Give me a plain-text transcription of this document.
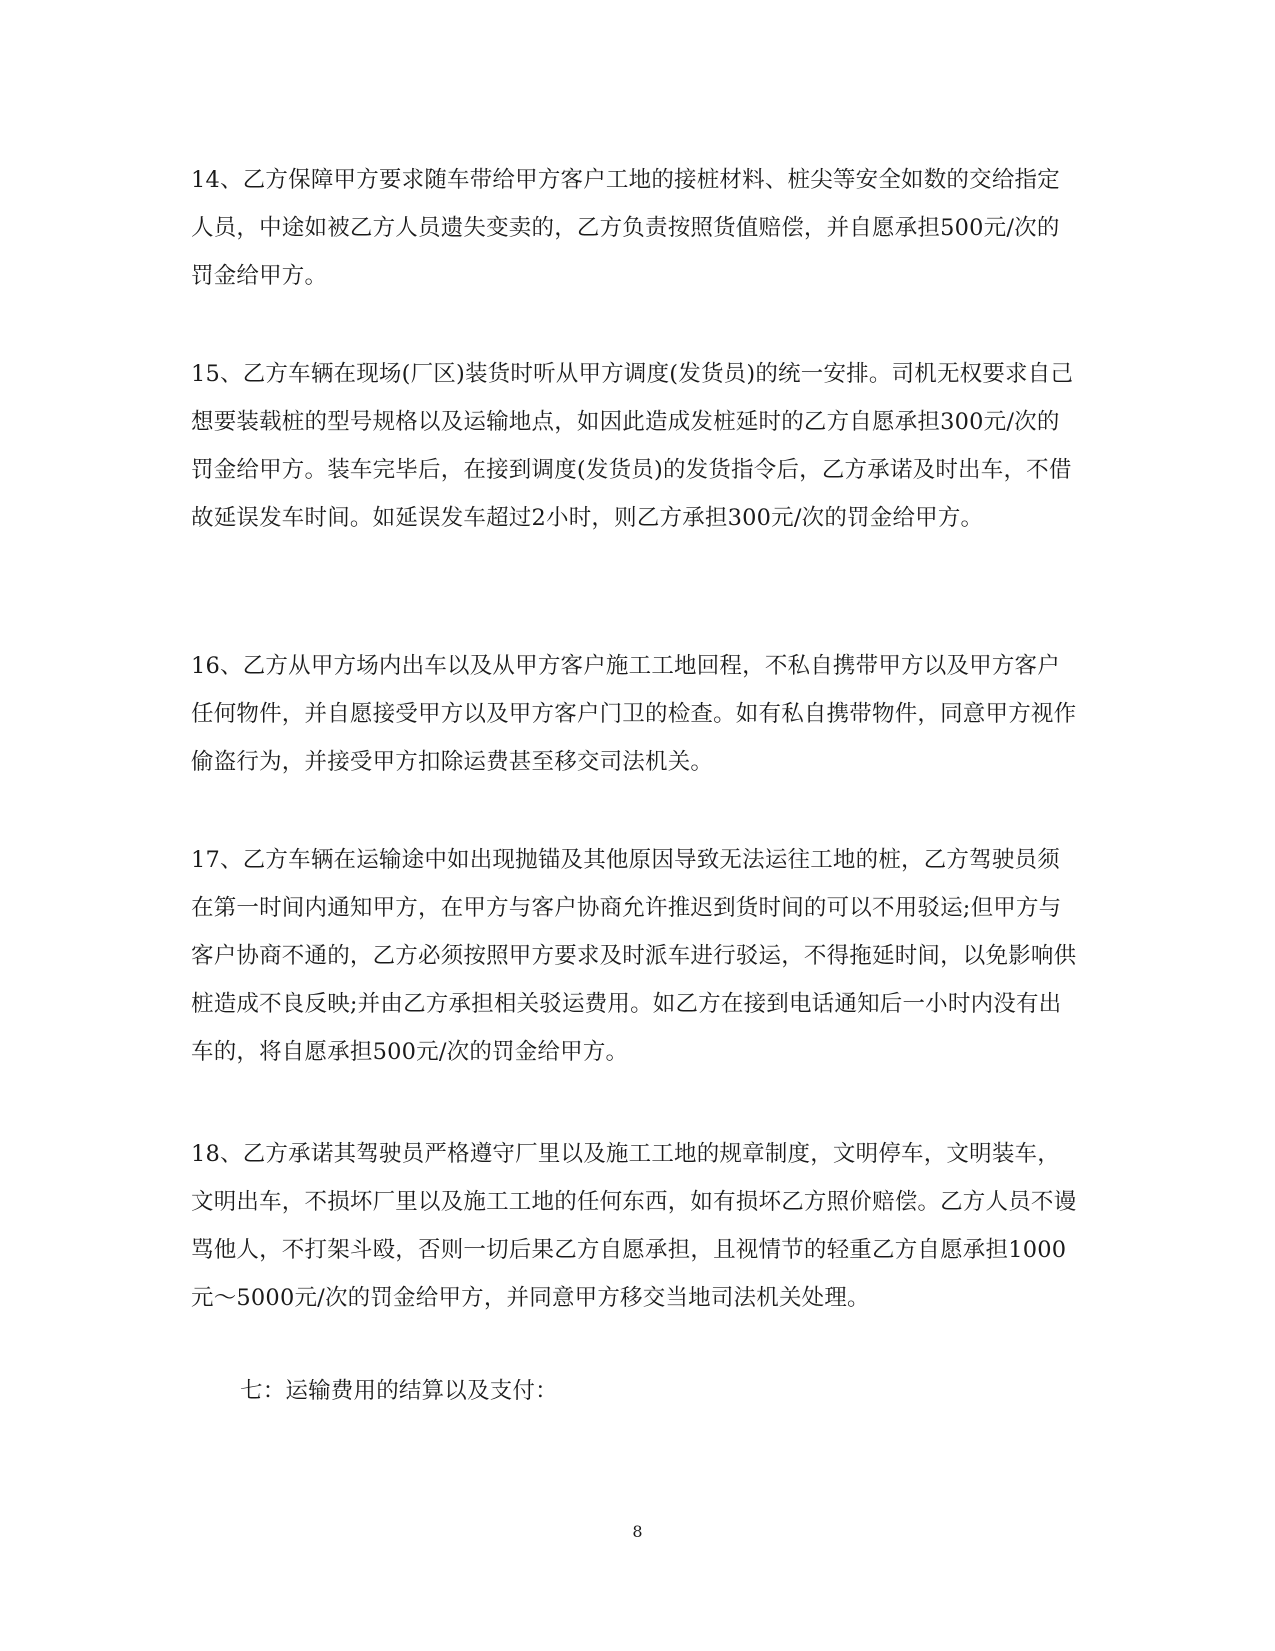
14、乙方保障甲方要求随车带给甲方客户工地的接桩材料、桩尖等安全如数的交给指定人员，中途如被乙方人员遗失变卖的，乙方负责按照货值赔偿，并自愿承担500元/次的罚金给甲方。

15、乙方车辆在现场(厂区)装货时听从甲方调度(发货员)的统一安排。司机无权要求自己想要装载桩的型号规格以及运输地点，如因此造成发桩延时的乙方自愿承担300元/次的罚金给甲方。装车完毕后，在接到调度(发货员)的发货指令后，乙方承诺及时出车，不借故延误发车时间。如延误发车超过2小时，则乙方承担300元/次的罚金给甲方。

16、乙方从甲方场内出车以及从甲方客户施工工地回程，不私自携带甲方以及甲方客户任何物件，并自愿接受甲方以及甲方客户门卫的检查。如有私自携带物件，同意甲方视作偷盗行为，并接受甲方扣除运费甚至移交司法机关。

17、乙方车辆在运输途中如出现抛锚及其他原因导致无法运往工地的桩，乙方驾驶员须在第一时间内通知甲方，在甲方与客户协商允许推迟到货时间的可以不用驳运;但甲方与客户协商不通的，乙方必须按照甲方要求及时派车进行驳运，不得拖延时间，以免影响供桩造成不良反映;并由乙方承担相关驳运费用。如乙方在接到电话通知后一小时内没有出车的，将自愿承担500元/次的罚金给甲方。

18、乙方承诺其驾驶员严格遵守厂里以及施工工地的规章制度，文明停车，文明装车，文明出车，不损坏厂里以及施工工地的任何东西，如有损坏乙方照价赔偿。乙方人员不谩骂他人，不打架斗殴，否则一切后果乙方自愿承担，且视情节的轻重乙方自愿承担1000元～5000元/次的罚金给甲方，并同意甲方移交当地司法机关处理。

七：运输费用的结算以及支付：

8
